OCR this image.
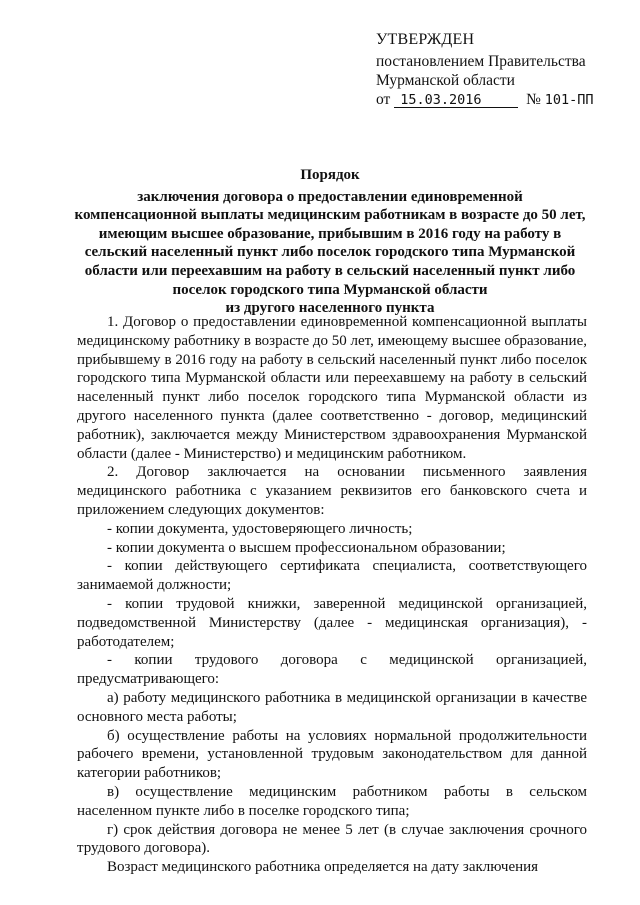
УТВЕРЖДЕН
постановлением Правительства
Мурманской области
от 15.03.2016	№ 101-ПП
Порядок
заключения договора о предоставлении единовременной
компенсационной выплаты медицинским работникам в возрасте до 50 лет,
имеющим высшее образование, прибывшим в 2016 году на работу в
сельский населенный пункт либо поселок городского типа Мурманской
области или переехавшим на работу в сельский населенный пункт либо
поселок городского типа Мурманской области
из другого населенного пункта

1. Договор о предоставлении единовременной компенсационной выплаты медицинскому работнику в возрасте до 50 лет, имеющему высшее образование, прибывшему в 2016 году на работу в сельский населенный пункт либо поселок городского типа Мурманской области или переехавшему на работу в сельский населенный пункт либо поселок городского типа Мурманской области из другого населенного пункта (далее соответственно - договор, медицинский работник), заключается между Министерством здравоохранения Мурманской области (далее - Министерство) и медицинским работником.

2. Договор заключается на основании письменного заявления медицинского работника с указанием реквизитов его банковского счета и приложением следующих документов:

- копии документа, удостоверяющего личность;

- копии документа о высшем профессиональном образовании;

- копии действующего сертификата специалиста, соответствующего занимаемой должности;

- копии трудовой книжки, заверенной медицинской организацией, подведомственной Министерству (далее - медицинская организация), - работодателем;

- копии трудового договора с медицинской организацией, предусматривающего:

а) работу медицинского работника в медицинской организации в качестве основного места работы;

б) осуществление работы на условиях нормальной продолжительности рабочего времени, установленной трудовым законодательством для данной категории работников;

в) осуществление медицинским работником работы в сельском населенном пункте либо в поселке городского типа;

г) срок действия договора не менее 5 лет (в случае заключения срочного трудового договора).

Возраст медицинского работника определяется на дату заключения
